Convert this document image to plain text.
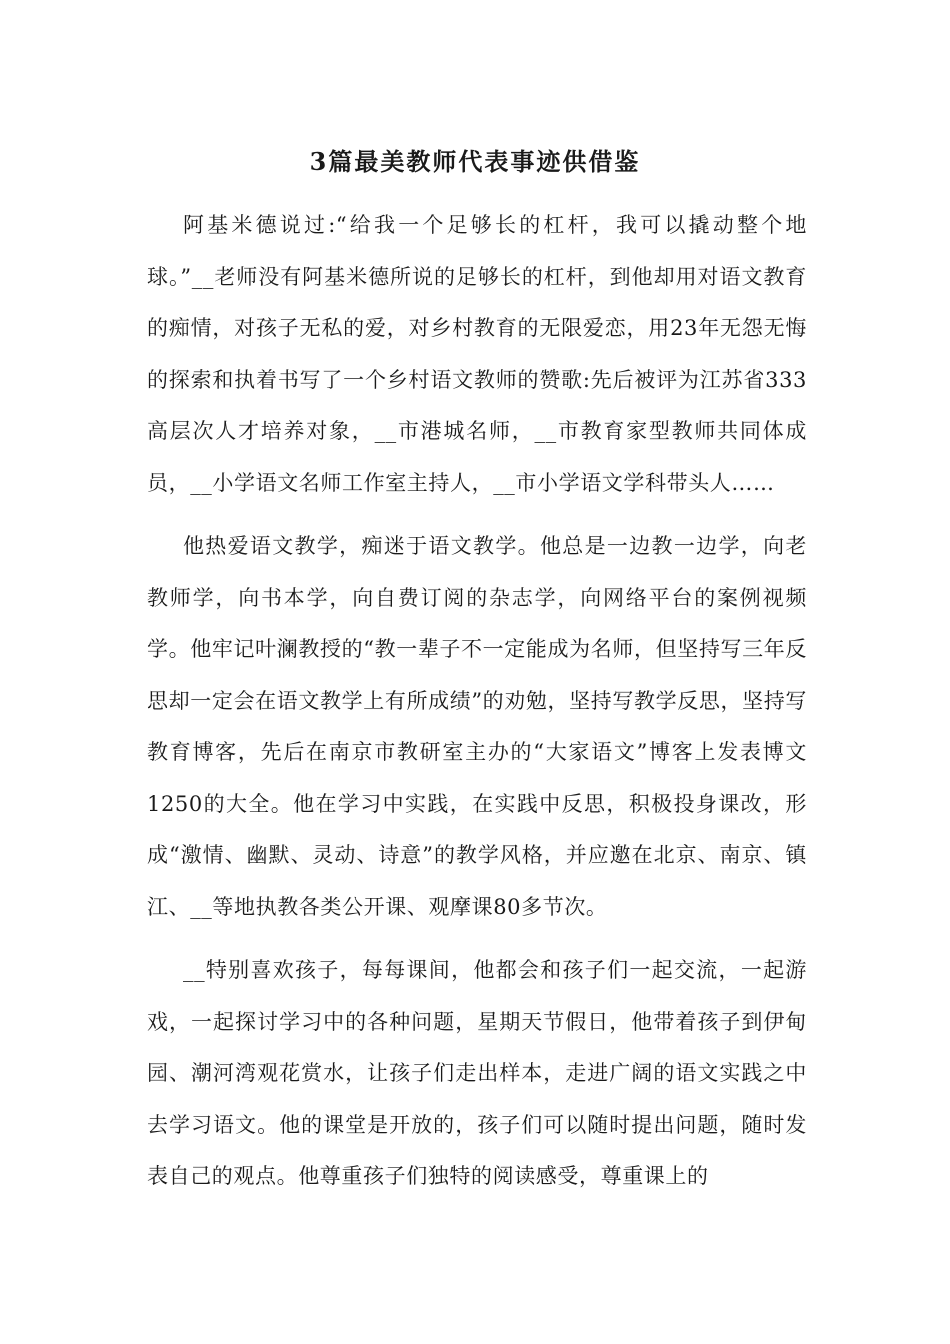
3篇最美教师代表事迹供借鉴

阿基米德说过:“给我一个足够长的杠杆，我可以撬动整个地球。”__老师没有阿基米德所说的足够长的杠杆，到他却用对语文教育的痴情，对孩子无私的爱，对乡村教育的无限爱恋，用23年无怨无悔的探索和执着书写了一个乡村语文教师的赞歌:先后被评为江苏省333高层次人才培养对象，__市港城名师，__市教育家型教师共同体成员，__小学语文名师工作室主持人，__市小学语文学科带头人……

他热爱语文教学，痴迷于语文教学。他总是一边教一边学，向老教师学，向书本学，向自费订阅的杂志学，向网络平台的案例视频学。他牢记叶澜教授的“教一辈子不一定能成为名师，但坚持写三年反思却一定会在语文教学上有所成绩”的劝勉，坚持写教学反思，坚持写教育博客，先后在南京市教研室主办的“大家语文”博客上发表博文1250的大全。他在学习中实践，在实践中反思，积极投身课改，形成“激情、幽默、灵动、诗意”的教学风格，并应邀在北京、南京、镇江、__等地执教各类公开课、观摩课80多节次。

__特别喜欢孩子，每每课间，他都会和孩子们一起交流，一起游戏，一起探讨学习中的各种问题，星期天节假日，他带着孩子到伊甸园、潮河湾观花赏水，让孩子们走出样本，走进广阔的语文实践之中去学习语文。他的课堂是开放的，孩子们可以随时提出问题，随时发表自己的观点。他尊重孩子们独特的阅读感受，尊重课上的
